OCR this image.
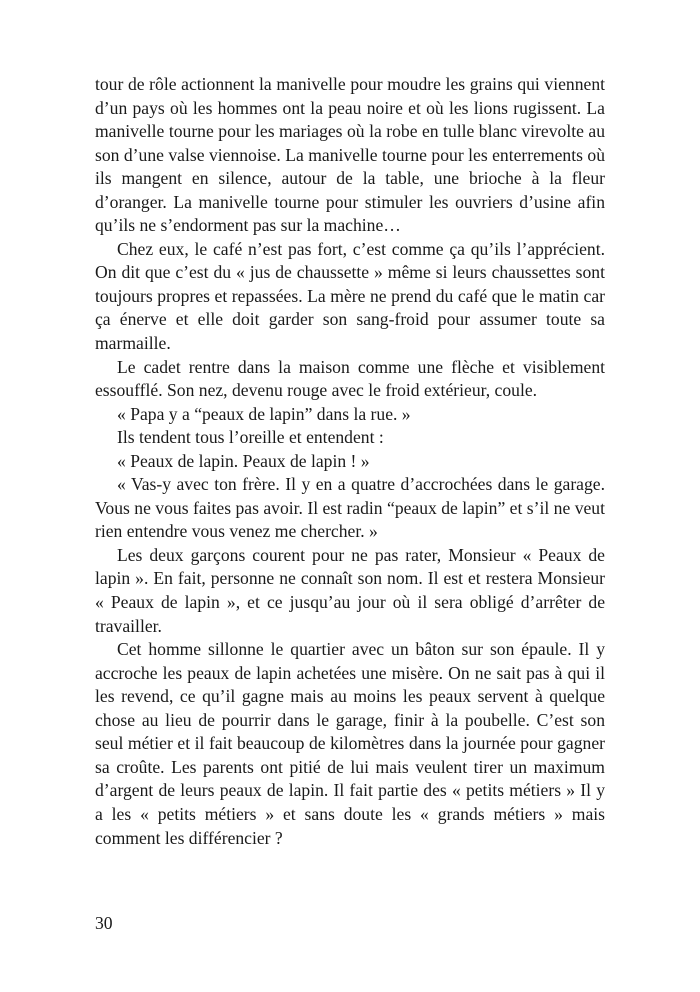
tour de rôle actionnent la manivelle pour moudre les grains qui viennent d’un pays où les hommes ont la peau noire et où les lions rugissent. La manivelle tourne pour les mariages où la robe en tulle blanc virevolte au son d’une valse viennoise. La manivelle tourne pour les enterrements où ils mangent en silence, autour de la table, une brioche à la fleur d’oranger. La manivelle tourne pour stimuler les ouvriers d’usine afin qu’ils ne s’endorment pas sur la machine…

Chez eux, le café n’est pas fort, c’est comme ça qu’ils l’apprécient. On dit que c’est du « jus de chaussette » même si leurs chaussettes sont toujours propres et repassées. La mère ne prend du café que le matin car ça énerve et elle doit garder son sang-froid pour assumer toute sa marmaille.

Le cadet rentre dans la maison comme une flèche et visiblement essoufflé. Son nez, devenu rouge avec le froid extérieur, coule.

« Papa y a “peaux de lapin” dans la rue. »

Ils tendent tous l’oreille et entendent :

« Peaux de lapin. Peaux de lapin ! »

« Vas-y avec ton frère. Il y en a quatre d’accrochées dans le garage. Vous ne vous faites pas avoir. Il est radin “peaux de lapin” et s’il ne veut rien entendre vous venez me chercher. »

Les deux garçons courent pour ne pas rater, Monsieur « Peaux de lapin ». En fait, personne ne connaît son nom. Il est et restera Monsieur « Peaux de lapin », et ce jusqu’au jour où il sera obligé d’arrêter de travailler.

Cet homme sillonne le quartier avec un bâton sur son épaule. Il y accroche les peaux de lapin achetées une misère. On ne sait pas à qui il les revend, ce qu’il gagne mais au moins les peaux servent à quelque chose au lieu de pourrir dans le garage, finir à la poubelle. C’est son seul métier et il fait beaucoup de kilomètres dans la journée pour gagner sa croûte. Les parents ont pitié de lui mais veulent tirer un maximum d’argent de leurs peaux de lapin. Il fait partie des « petits métiers » Il y a les « petits métiers » et sans doute les « grands métiers » mais comment les différencier ?

30
